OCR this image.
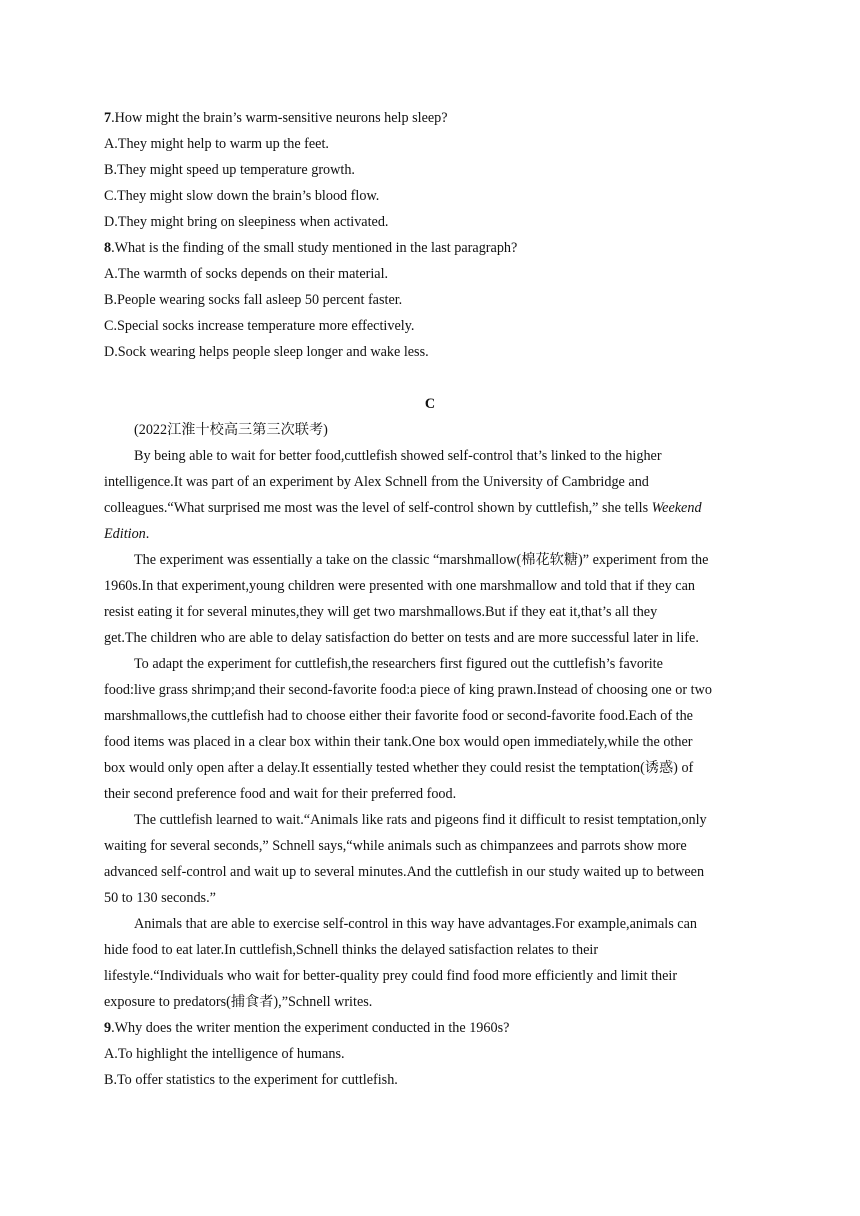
7.How might the brain’s warm-sensitive neurons help sleep?
A.They might help to warm up the feet.
B.They might speed up temperature growth.
C.They might slow down the brain’s blood flow.
D.They might bring on sleepiness when activated.
8.What is the finding of the small study mentioned in the last paragraph?
A.The warmth of socks depends on their material.
B.People wearing socks fall asleep 50 percent faster.
C.Special socks increase temperature more effectively.
D.Sock wearing helps people sleep longer and wake less.
C
(2022江淮十校高三第三次联考)
By being able to wait for better food,cuttlefish showed self-control that’s linked to the higher
intelligence.It was part of an experiment by Alex Schnell from the University of Cambridge and
colleagues.“What surprised me most was the level of self-control shown by cuttlefish,” she tells Weekend
Edition.
The experiment was essentially a take on the classic “marshmallow(棉花软糖)” experiment from the
1960s.In that experiment,young children were presented with one marshmallow and told that if they can
resist eating it for several minutes,they will get two marshmallows.But if they eat it,that’s all they
get.The children who are able to delay satisfaction do better on tests and are more successful later in life.
To adapt the experiment for cuttlefish,the researchers first figured out the cuttlefish’s favorite
food:live grass shrimp;and their second-favorite food:a piece of king prawn.Instead of choosing one or two
marshmallows,the cuttlefish had to choose either their favorite food or second-favorite food.Each of the
food items was placed in a clear box within their tank.One box would open immediately,while the other
box would only open after a delay.It essentially tested whether they could resist the temptation(诱惑) of
their second preference food and wait for their preferred food.
The cuttlefish learned to wait.“Animals like rats and pigeons find it difficult to resist temptation,only
waiting for several seconds,” Schnell says,“while animals such as chimpanzees and parrots show more
advanced self-control and wait up to several minutes.And the cuttlefish in our study waited up to between
50 to 130 seconds.”
Animals that are able to exercise self-control in this way have advantages.For example,animals can
hide food to eat later.In cuttlefish,Schnell thinks the delayed satisfaction relates to their
lifestyle.“Individuals who wait for better-quality prey could find food more efficiently and limit their
exposure to predators(捕食者),”Schnell writes.
9.Why does the writer mention the experiment conducted in the 1960s?
A.To highlight the intelligence of humans.
B.To offer statistics to the experiment for cuttlefish.
